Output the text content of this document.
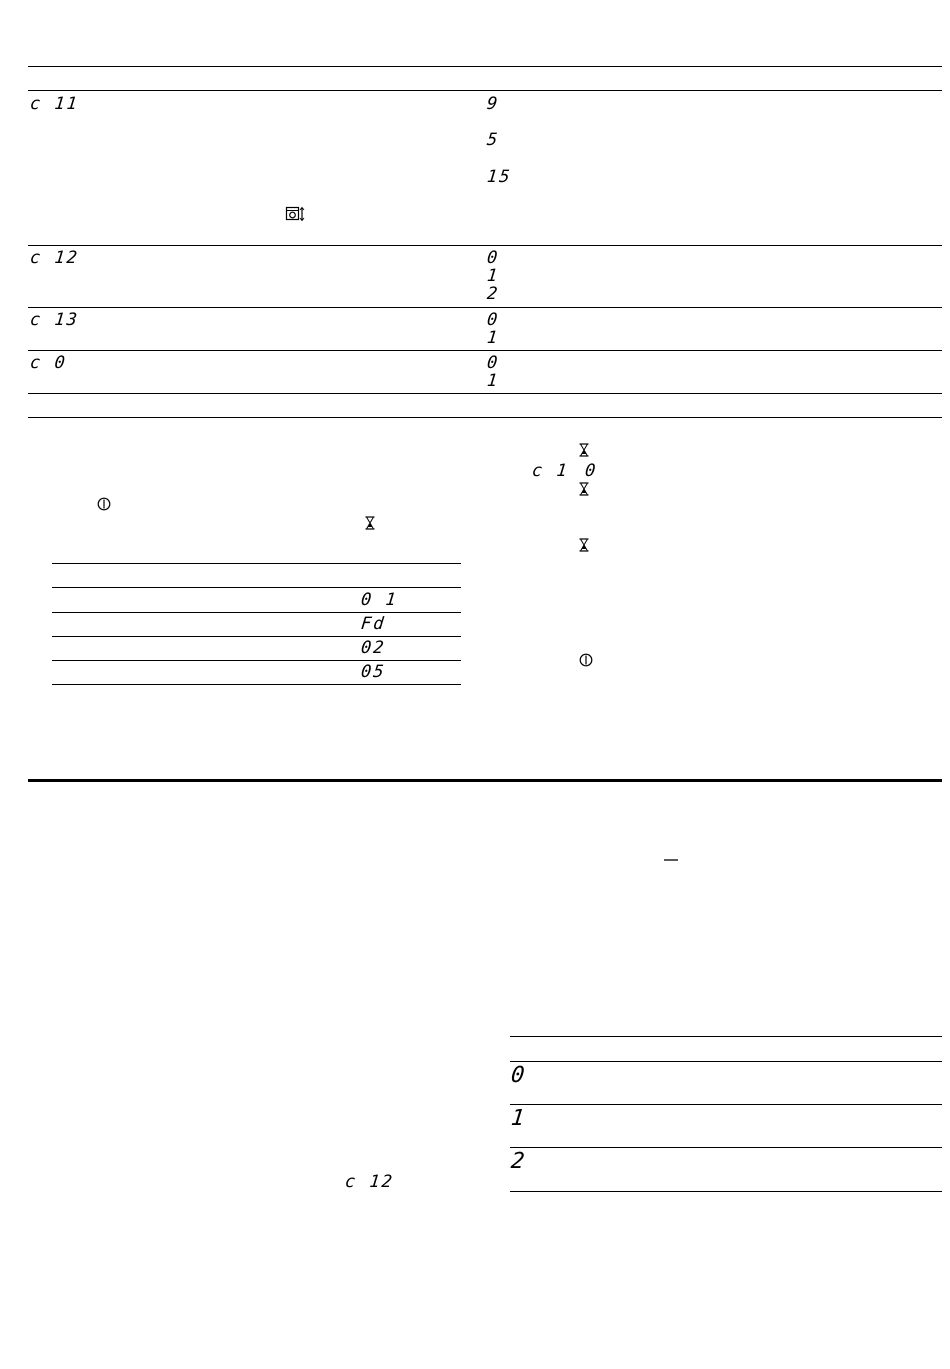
c 11	9
5
15
c 12	0
1
2
c 13	0
1
c 0	0
1
0 1
Fd
02
05
c 1 0
c 12
0
1
2
